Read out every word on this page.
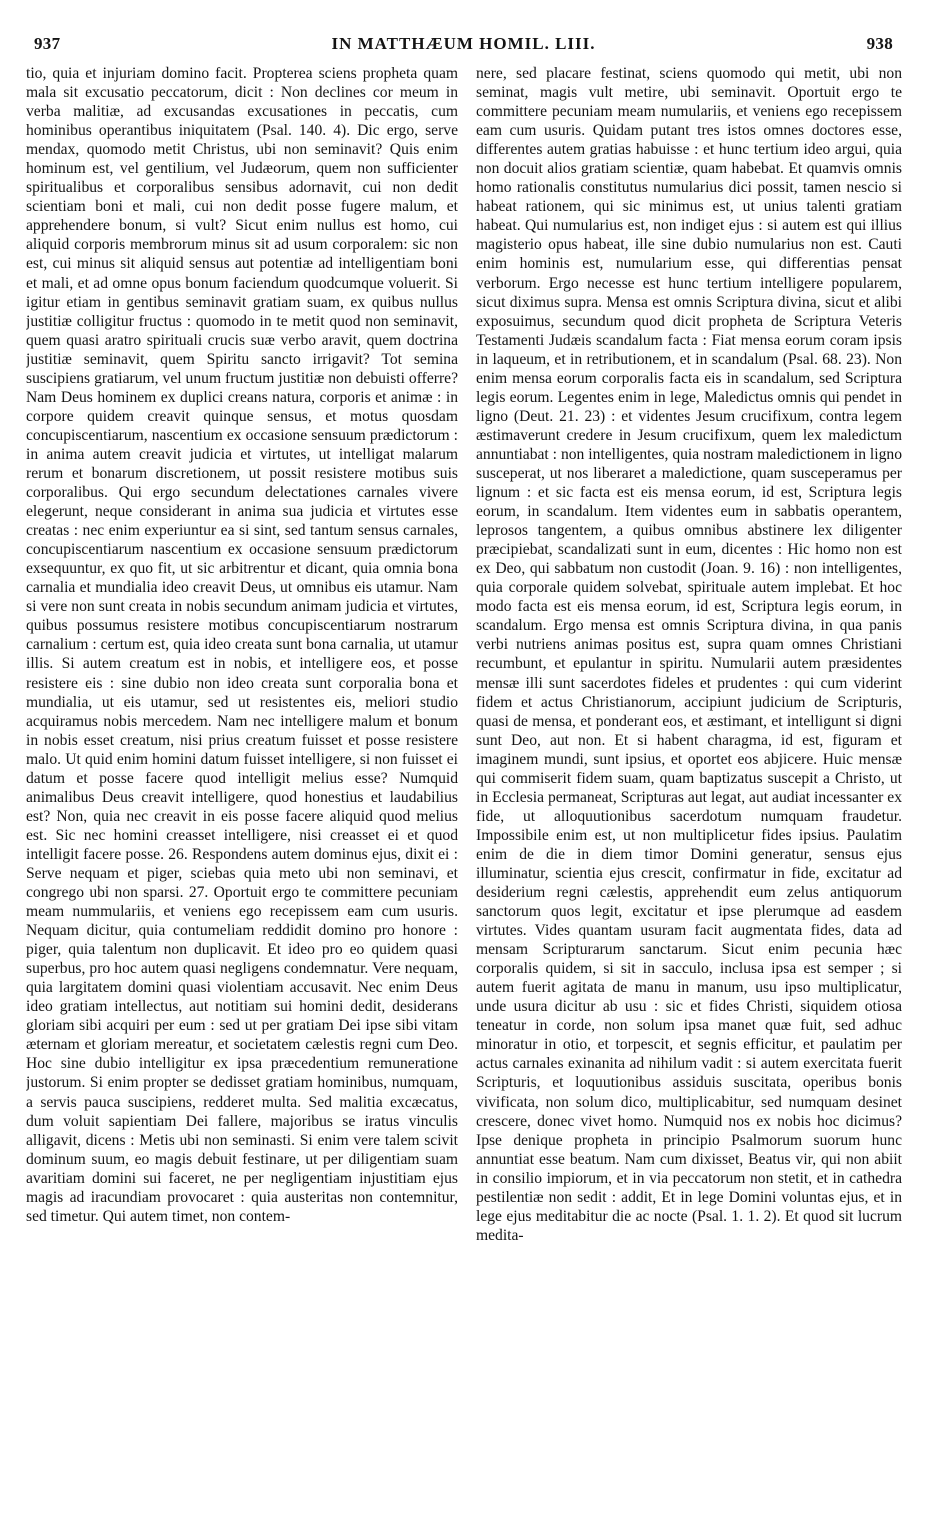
937	IN MATTHÆUM HOMIL. LIII.	938

tio, quia et injuriam domino facit. Propterea sciens propheta quam mala sit excusatio peccatorum, dicit : Non declines cor meum in verba malitiæ, ad excusandas excusationes in peccatis, cum hominibus operantibus iniquitatem (Psal. 140. 4). Dic ergo, serve mendax, quomodo metit Christus, ubi non seminavit? Quis enim hominum est, vel gentilium, vel Judæorum, quem non sufficienter spiritualibus et corporalibus sensibus adornavit, cui non dedit scientiam boni et mali, cui non dedit posse fugere malum, et apprehendere bonum, si vult? Sicut enim nullus est homo, cui aliquid corporis membrorum minus sit ad usum corporalem: sic non est, cui minus sit aliquid sensus aut potentiæ ad intelligentiam boni et mali, et ad omne opus bonum faciendum quodcumque voluerit. Si igitur etiam in gentibus seminavit gratiam suam, ex quibus nullus justitiæ colligitur fructus : quomodo in te metit quod non seminavit, quem quasi aratro spirituali crucis suæ verbo aravit, quem doctrina justitiæ seminavit, quem Spiritu sancto irrigavit? Tot semina suscipiens gratiarum, vel unum fructum justitiæ non debuisti offerre? Nam Deus hominem ex duplici creans natura, corporis et animæ : in corpore quidem creavit quinque sensus, et motus quosdam concupiscentiarum, nascentium ex occasione sensuum prædictorum : in anima autem creavit judicia et virtutes, ut intelligat malarum rerum et bonarum discretionem, ut possit resistere motibus suis corporalibus. Qui ergo secundum delectationes carnales vivere elegerunt, neque considerant in anima sua judicia et virtutes esse creatas : nec enim experiuntur ea si sint, sed tantum sensus carnales, concupiscentiarum nascentium ex occasione sensuum prædictorum exsequuntur, ex quo fit, ut sic arbitrentur et dicant, quia omnia bona carnalia et mundialia ideo creavit Deus, ut omnibus eis utamur. Nam si vere non sunt creata in nobis secundum animam judicia et virtutes, quibus possumus resistere motibus concupiscentiarum nostrarum carnalium : certum est, quia ideo creata sunt bona carnalia, ut utamur illis. Si autem creatum est in nobis, et intelligere eos, et posse resistere eis : sine dubio non ideo creata sunt corporalia bona et mundialia, ut eis utamur, sed ut resistentes eis, meliori studio acquiramus nobis mercedem. Nam nec intelligere malum et bonum in nobis esset creatum, nisi prius creatum fuisset et posse resistere malo. Ut quid enim homini datum fuisset intelligere, si non fuisset ei datum et posse facere quod intelligit melius esse? Numquid animalibus Deus creavit intelligere, quod honestius et laudabilius est? Non, quia nec creavit in eis posse facere aliquid quod melius est. Sic nec homini creasset intelligere, nisi creasset ei et quod intelligit facere posse. 26. Respondens autem dominus ejus, dixit ei : Serve nequam et piger, sciebas quia meto ubi non seminavi, et congrego ubi non sparsi. 27. Oportuit ergo te committere pecuniam meam nummulariis, et veniens ego recepissem eam cum usuris. Nequam dicitur, quia contumeliam reddidit domino pro honore : piger, quia talentum non duplicavit. Et ideo pro eo quidem quasi superbus, pro hoc autem quasi negligens condemnatur. Vere nequam, quia largitatem domini quasi violentiam accusavit. Nec enim Deus ideo gratiam intellectus, aut notitiam sui homini dedit, desiderans gloriam sibi acquiri per eum : sed ut per gratiam Dei ipse sibi vitam æternam et gloriam mereatur, et societatem cælestis regni cum Deo. Hoc sine dubio intelligitur ex ipsa præcedentium remuneratione justorum. Si enim propter se dedisset gratiam hominibus, numquam, a servis pauca suscipiens, redderet multa. Sed malitia excæcatus, dum voluit sapientiam Dei fallere, majoribus se iratus vinculis alligavit, dicens : Metis ubi non seminasti. Si enim vere talem scivit dominum suum, eo magis debuit festinare, ut per diligentiam suam avaritiam domini sui faceret, ne per negligentiam injustitiam ejus magis ad iracundiam provocaret : quia austeritas non contemnitur, sed timetur. Qui autem timet, non contem-

nere, sed placare festinat, sciens quomodo qui metit, ubi non seminat, magis vult metire, ubi seminavit. Oportuit ergo te committere pecuniam meam numulariis, et veniens ego recepissem eam cum usuris. Quidam putant tres istos omnes doctores esse, differentes autem gratias habuisse : et hunc tertium ideo argui, quia non docuit alios gratiam scientiæ, quam habebat. Et quamvis omnis homo rationalis constitutus numularius dici possit, tamen nescio si habeat rationem, qui sic minimus est, ut unius talenti gratiam habeat. Qui numularius est, non indiget ejus : si autem est qui illius magisterio opus habeat, ille sine dubio numularius non est. Cauti enim hominis est, numularium esse, qui differentias pensat verborum. Ergo necesse est hunc tertium intelligere popularem, sicut diximus supra. Mensa est omnis Scriptura divina, sicut et alibi exposuimus, secundum quod dicit propheta de Scriptura Veteris Testamenti Judæis scandalum facta : Fiat mensa eorum coram ipsis in laqueum, et in retributionem, et in scandalum (Psal. 68. 23). Non enim mensa eorum corporalis facta eis in scandalum, sed Scriptura legis eorum. Legentes enim in lege, Maledictus omnis qui pendet in ligno (Deut. 21. 23) : et videntes Jesum crucifixum, contra legem æstimaverunt credere in Jesum crucifixum, quem lex maledictum annuntiabat : non intelligentes, quia nostram maledictionem in ligno susceperat, ut nos liberaret a maledictione, quam susceperamus per lignum : et sic facta est eis mensa eorum, id est, Scriptura legis eorum, in scandalum. Item videntes eum in sabbatis operantem, leprosos tangentem, a quibus omnibus abstinere lex diligenter præcipiebat, scandalizati sunt in eum, dicentes : Hic homo non est ex Deo, qui sabbatum non custodit (Joan. 9. 16) : non intelligentes, quia corporale quidem solvebat, spirituale autem implebat. Et hoc modo facta est eis mensa eorum, id est, Scriptura legis eorum, in scandalum. Ergo mensa est omnis Scriptura divina, in qua panis verbi nutriens animas positus est, supra quam omnes Christiani recumbunt, et epulantur in spiritu. Numularii autem præsidentes mensæ illi sunt sacerdotes fideles et prudentes : qui cum viderint fidem et actus Christianorum, accipiunt judicium de Scripturis, quasi de mensa, et ponderant eos, et æstimant, et intelligunt si digni sunt Deo, aut non. Et si habent charagma, id est, figuram et imaginem mundi, sunt ipsius, et oportet eos abjicere. Huic mensæ qui commiserit fidem suam, quam baptizatus suscepit a Christo, ut in Ecclesia permaneat, Scripturas aut legat, aut audiat incessanter ex fide, ut alloquutionibus sacerdotum numquam fraudetur. Impossibile enim est, ut non multiplicetur fides ipsius. Paulatim enim de die in diem timor Domini generatur, sensus ejus illuminatur, scientia ejus crescit, confirmatur in fide, excitatur ad desiderium regni cælestis, apprehendit eum zelus antiquorum sanctorum quos legit, excitatur et ipse plerumque ad easdem virtutes. Vides quantam usuram facit augmentata fides, data ad mensam Scripturarum sanctarum. Sicut enim pecunia hæc corporalis quidem, si sit in sacculo, inclusa ipsa est semper ; si autem fuerit agitata de manu in manum, usu ipso multiplicatur, unde usura dicitur ab usu : sic et fides Christi, siquidem otiosa teneatur in corde, non solum ipsa manet quæ fuit, sed adhuc minoratur in otio, et torpescit, et segnis efficitur, et paulatim per actus carnales exinanita ad nihilum vadit : si autem exercitata fuerit Scripturis, et loquutionibus assiduis suscitata, operibus bonis vivificata, non solum dico, multiplicabitur, sed numquam desinet crescere, donec vivet homo. Numquid nos ex nobis hoc dicimus? Ipse denique propheta in principio Psalmorum suorum hunc annuntiat esse beatum. Nam cum dixisset, Beatus vir, qui non abiit in consilio impiorum, et in via peccatorum non stetit, et in cathedra pestilentiæ non sedit : addit, Et in lege Domini voluntas ejus, et in lege ejus meditabitur die ac nocte (Psal. 1. 1. 2). Et quod sit lucrum medita-
